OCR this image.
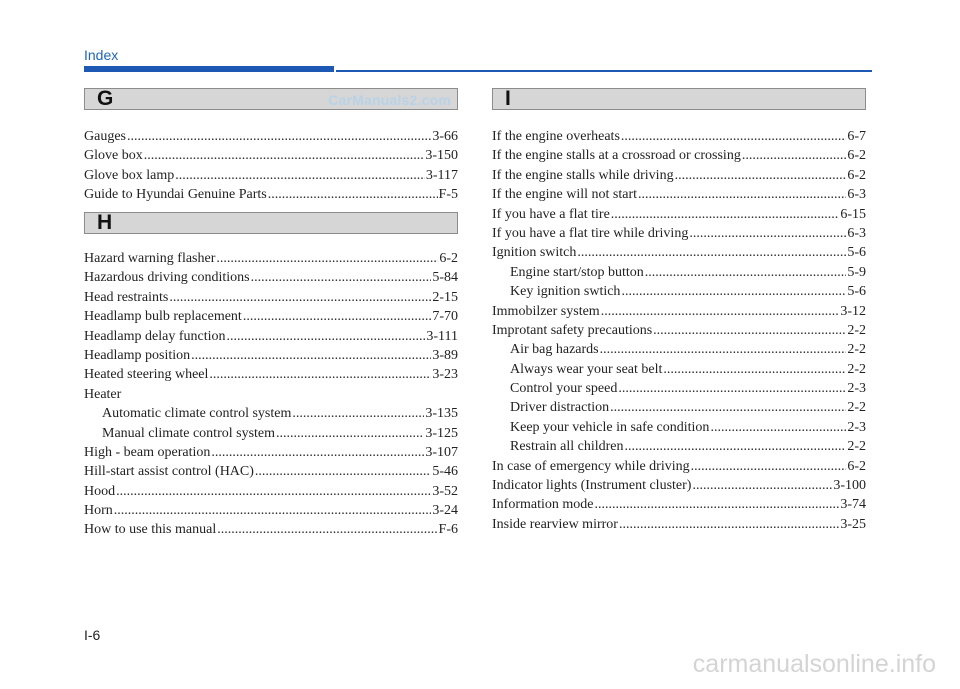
Index
G	CarManuals2.com
Gauges .....	3-66
Glove box .....	3-150
Glove box lamp .....	3-117
Guide to Hyundai Genuine Parts .....	F-5
H
Hazard warning flasher .....	6-2
Hazardous driving conditions .....	5-84
Head restraints .....	2-15
Headlamp bulb replacement .....	7-70
Headlamp delay function .....	3-111
Headlamp position .....	3-89
Heated steering wheel .....	3-23
Heater
Automatic climate control system .....	3-135
Manual climate control system .....	3-125
High - beam operation .....	3-107
Hill-start assist control (HAC) .....	5-46
Hood .....	3-52
Horn .....	3-24
How to use this manual .....	F-6
I
If the engine overheats .....	6-7
If the engine stalls at a crossroad or crossing .....	6-2
If the engine stalls while driving .....	6-2
If the engine will not start .....	6-3
If you have a flat tire .....	6-15
If you have a flat tire while driving .....	6-3
Ignition switch .....	5-6
Engine start/stop button .....	5-9
Key ignition swtich .....	5-6
Immobilzer system .....	3-12
Improtant safety precautions .....	2-2
Air bag hazards .....	2-2
Always wear your seat belt .....	2-2
Control your speed .....	2-3
Driver distraction .....	2-2
Keep your vehicle in safe condition .....	2-3
Restrain all children .....	2-2
In case of emergency while driving .....	6-2
Indicator lights (Instrument cluster) .....	3-100
Information mode .....	3-74
Inside rearview mirror .....	3-25
I-6
carmanualsonline.info
